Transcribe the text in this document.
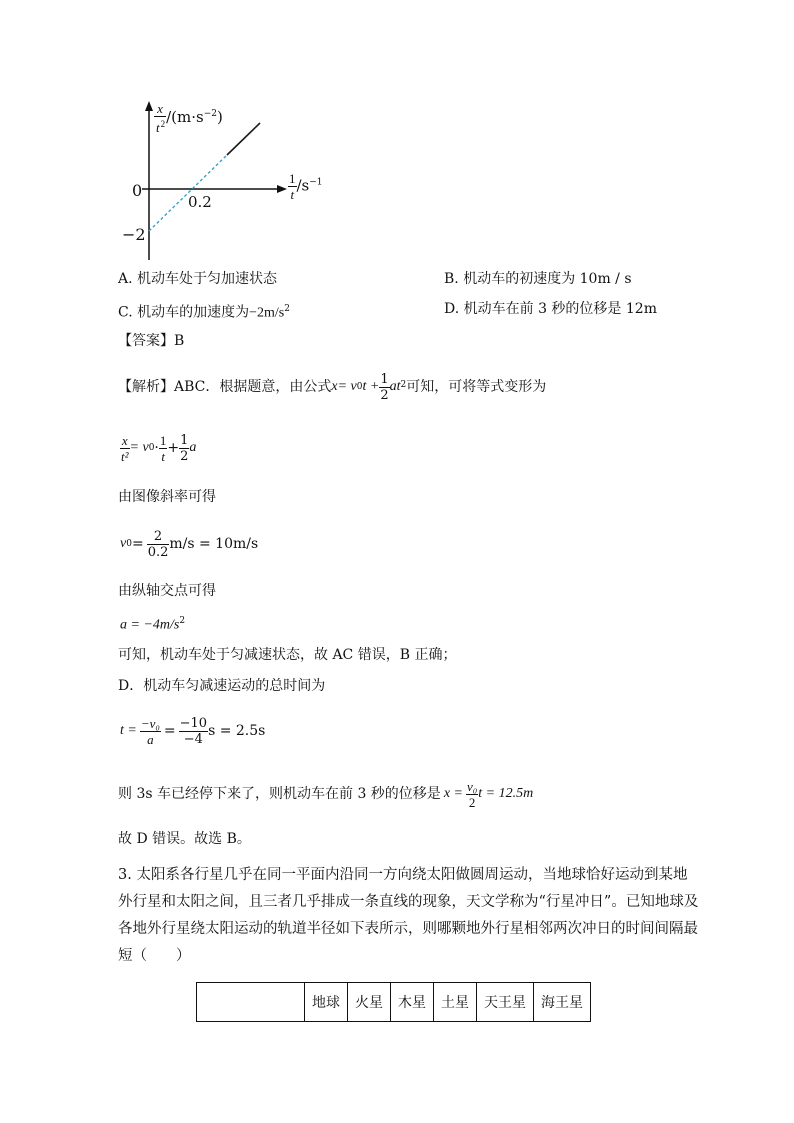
$\frac{x}{t^2} /(m\cdot s^{-2})$
$\frac{1}{t} /s^{-1}$
0
0.2
−2
A. 机动车处于匀加速状态	B. 机动车的初速度为 10m / s
C. 机动车的加速度为$-2m/s^2$	D. 机动车在前 3 秒的位移是 12m
【答案】B
【解析】 ABC．根据题意，由公式 x = v 0 $t + \frac{1}{2}$ at 2 可知，可将等式变形为
$\frac{x}{\text{t²}} = v$ $0 \cdot \frac{1}{t} + \frac{1}{2}$ a
由图像斜率可得
v $0 = \frac{2}{0.2} m/s = 10m/s$
由纵轴交点可得
$a = -4m/s^2$
可知，机动车处于匀减速状态，故 AC 错误，B 正确；
D．机动车匀减速运动的总时间为
$t = \frac{\text{−v₀}}{a} = \frac{-10}{-4}$ s = 2.5s
则 3s 车已经停下来了，则机动车在前 3 秒的位移是 $x = \frac{\text{v₀}}{2}$ t = 12.5m
故 D 错误。故选 B。
3. 太阳系各行星几乎在同一平面内沿同一方向绕太阳做圆周运动，当地球恰好运动到某地
外行星和太阳之间，且三者几乎排成一条直线的现象，天文学称为“行星冲日”。已知地球及
各地外行星绕太阳运动的轨道半径如下表所示，则哪颗地外行星相邻两次冲日的时间间隔最
短（　　）
	地球	火星	木星	土星	天王星	海王星
